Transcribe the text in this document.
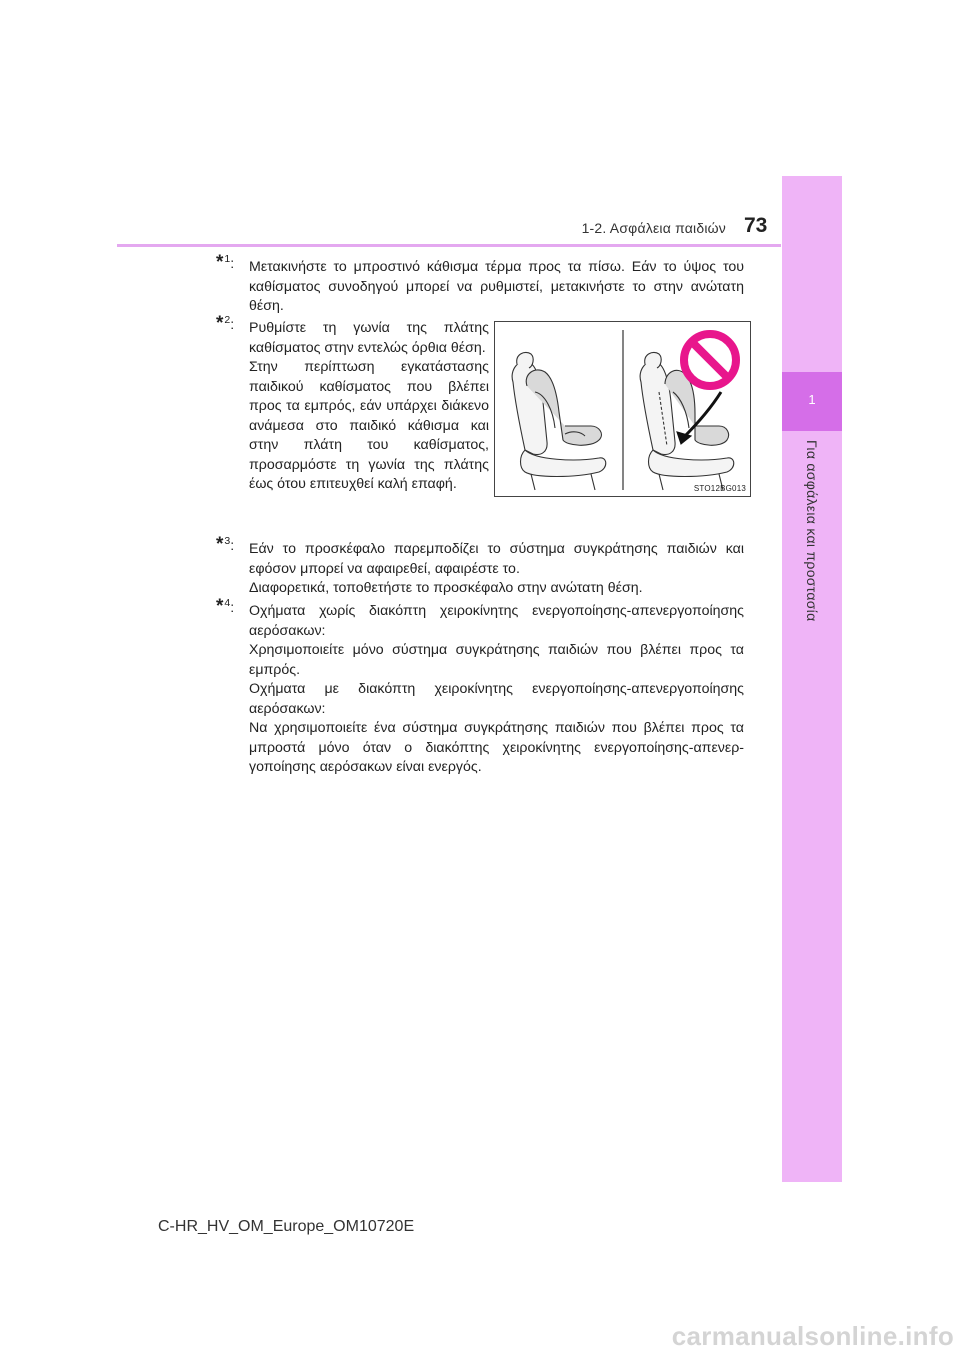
1-2. Ασφάλεια παιδιών 73
1
Για ασφάλεια και προστασία
*$^1$:	Μετακινήστε το μπροστινό κάθισμα τέρμα προς τα πίσω. Εάν το ύψος του καθίσματος συνοδηγού μπορεί να ρυθμιστεί, μετακινήστε το στην ανώτατη θέση.

*$^2$:	Ρυθμίστε τη γωνία της πλάτης καθίσματος στην εντελώς όρθια θέση.

Στην περίπτωση εγκατάστασης παιδικού καθίσματος που βλέπει προς τα εμπρός, εάν υπάρχει διάκενο ανάμεσα στο παιδικό κάθισμα και στην πλάτη του καθίσματος, προσαρμόστε τη γωνία της πλάτης έως ότου επιτευχθεί καλή επαφή.	STO12BG013
*$^3$:	Εάν το προσκέφαλο παρεμποδίζει το σύστημα συγκράτησης παιδιών και εφόσον μπορεί να αφαιρεθεί, αφαιρέστε το.

Διαφορετικά, τοποθετήστε το προσκέφαλο στην ανώτατη θέση.

*$^4$:	Οχήματα χωρίς διακόπτη χειροκίνητης ενεργοποίησης-απενεργοποίησης αερόσακων:

Χρησιμοποιείτε μόνο σύστημα συγκράτησης παιδιών που βλέπει προς τα εμπρός.

Οχήματα με διακόπτη χειροκίνητης ενεργοποίησης-απενεργοποίησης αερόσακων:

Να χρησιμοποιείτε ένα σύστημα συγκράτησης παιδιών που βλέπει προς τα μπροστά μόνο όταν ο διακόπτης χειροκίνητης ενεργοποίησης-απενεργοποίησης αερόσακων είναι ενεργός.

C-HR_HV_OM_Europe_OM10720E
carmanualsonline.info
